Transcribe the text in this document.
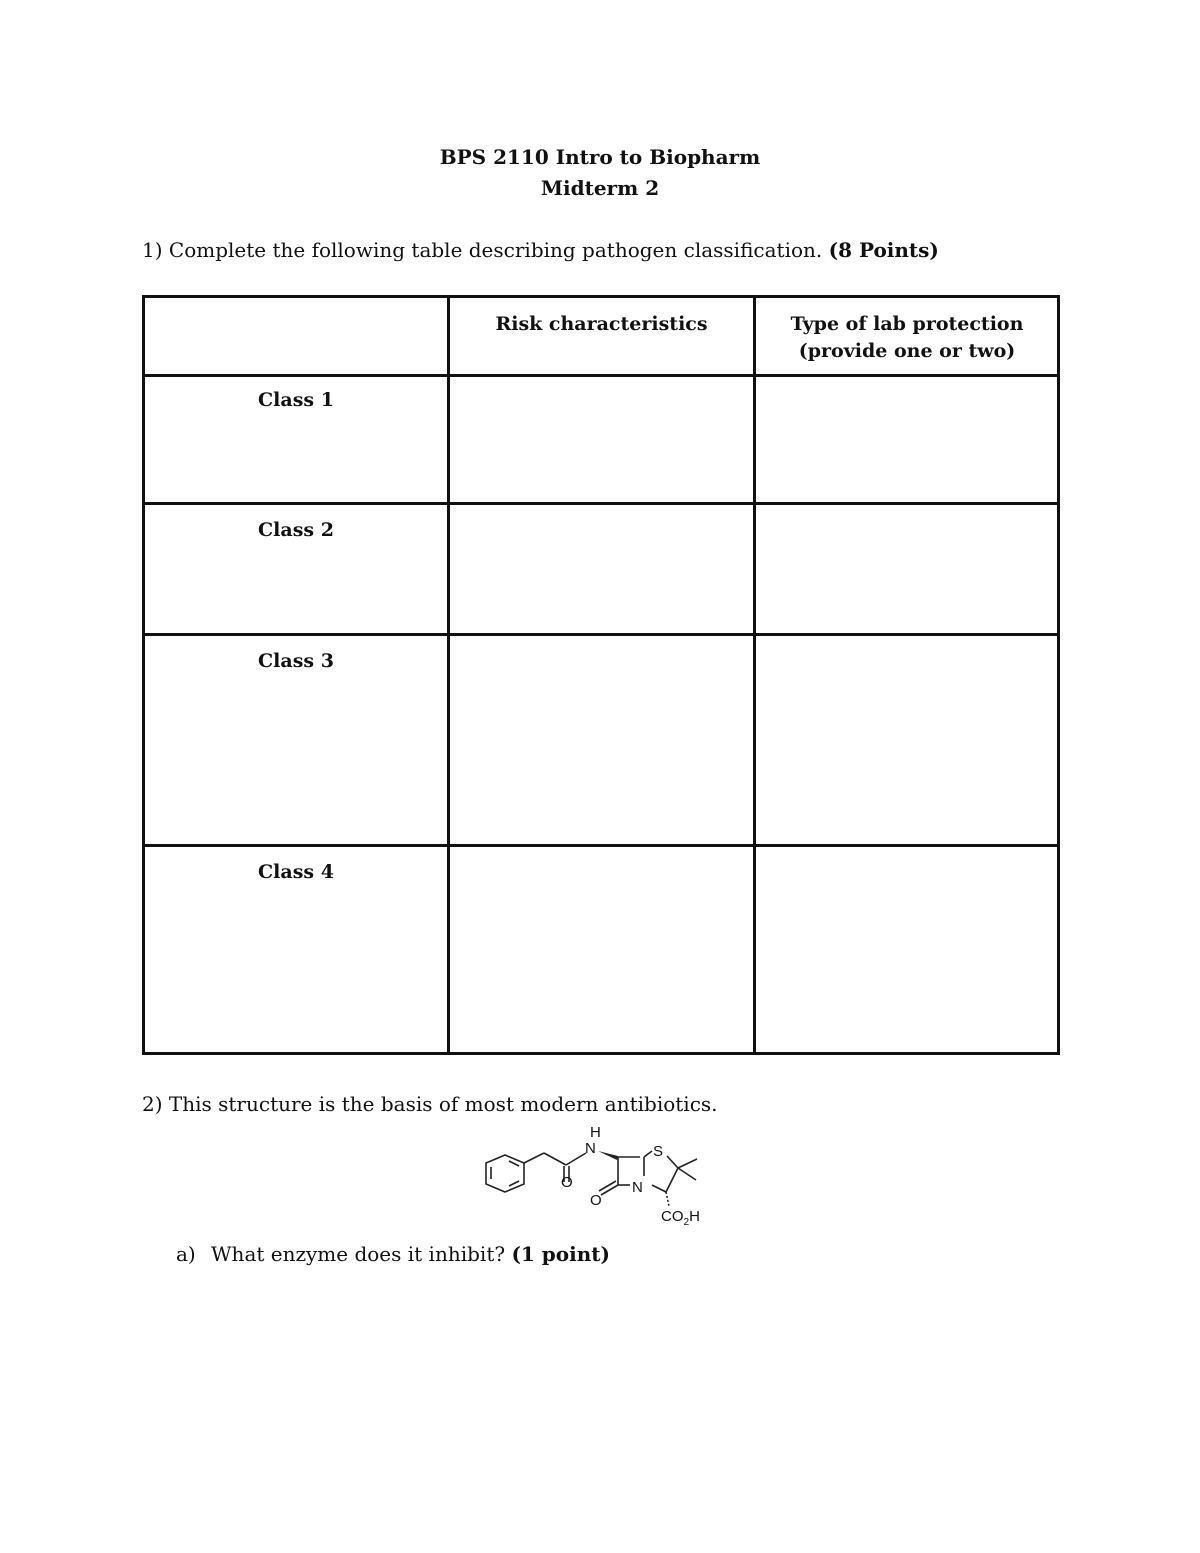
BPS 2110 Intro to Biopharm
Midterm 2
1) Complete the following table describing pathogen classification. (8 Points)
Risk characteristics	Type of lab protection
(provide one or two)
Class 1
Class 2
Class 3
Class 4
2) This structure is the basis of most modern antibiotics.
H
N	S
O
O
N
$CO_2H$
a) What enzyme does it inhibit? (1 point)
